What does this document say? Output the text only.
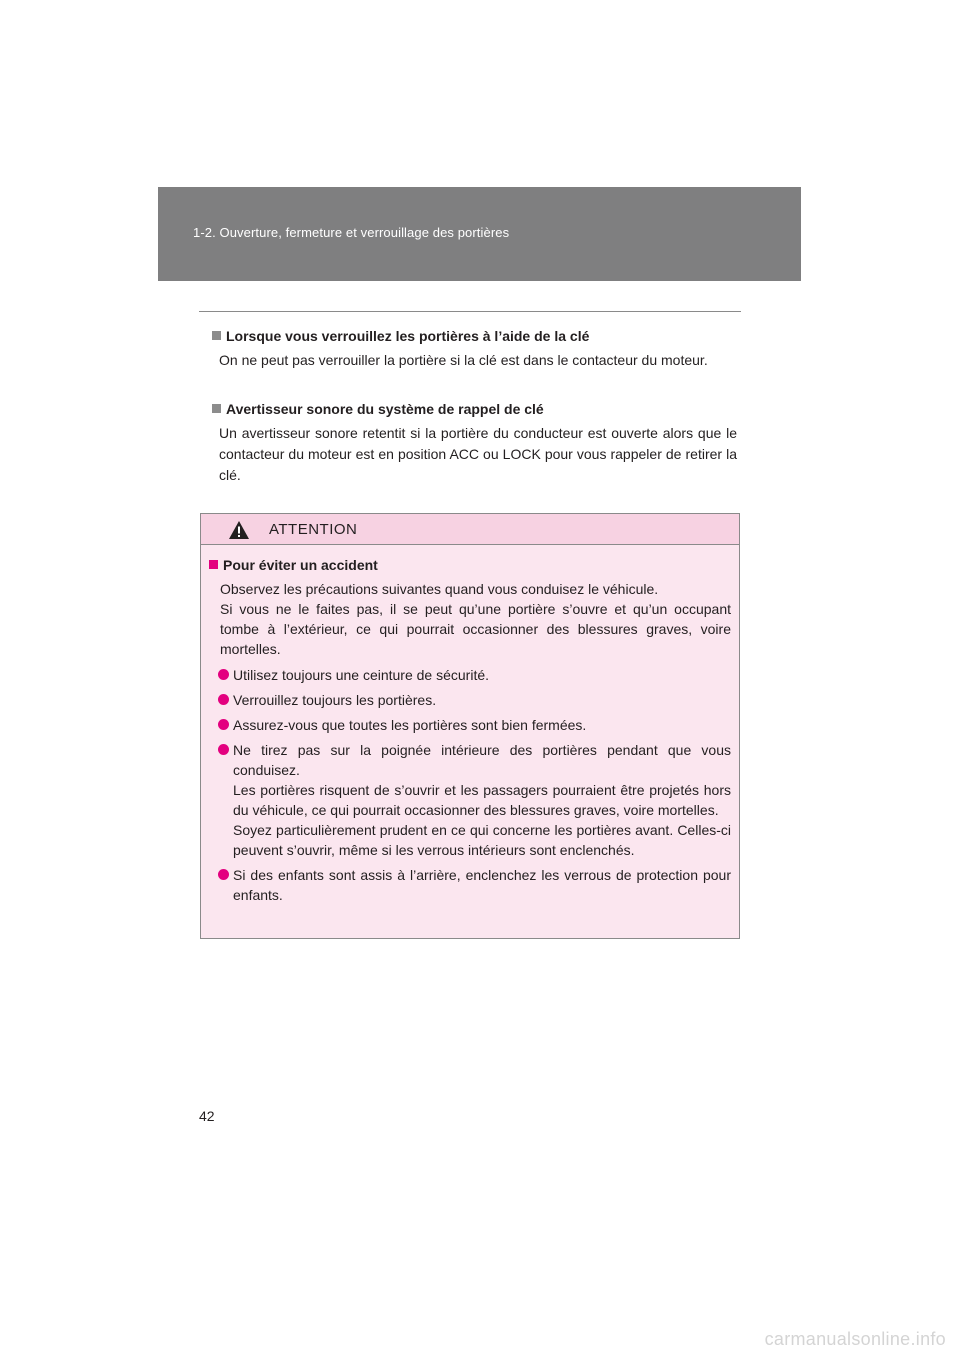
1-2. Ouverture, fermeture et verrouillage des portières

Lorsque vous verrouillez les portières à l’aide de la clé

On ne peut pas verrouiller la portière si la clé est dans le contacteur du moteur.

Avertisseur sonore du système de rappel de clé

Un avertisseur sonore retentit si la portière du conducteur est ouverte alors que le contacteur du moteur est en position ACC ou LOCK pour vous rappeler de retirer la clé.

ATTENTION

Pour éviter un accident

Observez les précautions suivantes quand vous conduisez le véhicule.
Si vous ne le faites pas, il se peut qu’une portière s’ouvre et qu’un occupant tombe à l’extérieur, ce qui pourrait occasionner des blessures graves, voire mortelles.

Utilisez toujours une ceinture de sécurité.
Verrouillez toujours les portières.
Assurez-vous que toutes les portières sont bien fermées.
Ne tirez pas sur la poignée intérieure des portières pendant que vous conduisez.
Les portières risquent de s’ouvrir et les passagers pourraient être projetés hors du véhicule, ce qui pourrait occasionner des blessures graves, voire mortelles.
Soyez particulièrement prudent en ce qui concerne les portières avant. Celles-ci peuvent s’ouvrir, même si les verrous intérieurs sont enclenchés.
Si des enfants sont assis à l’arrière, enclenchez les verrous de protection pour enfants.
42
carmanualsonline.info
